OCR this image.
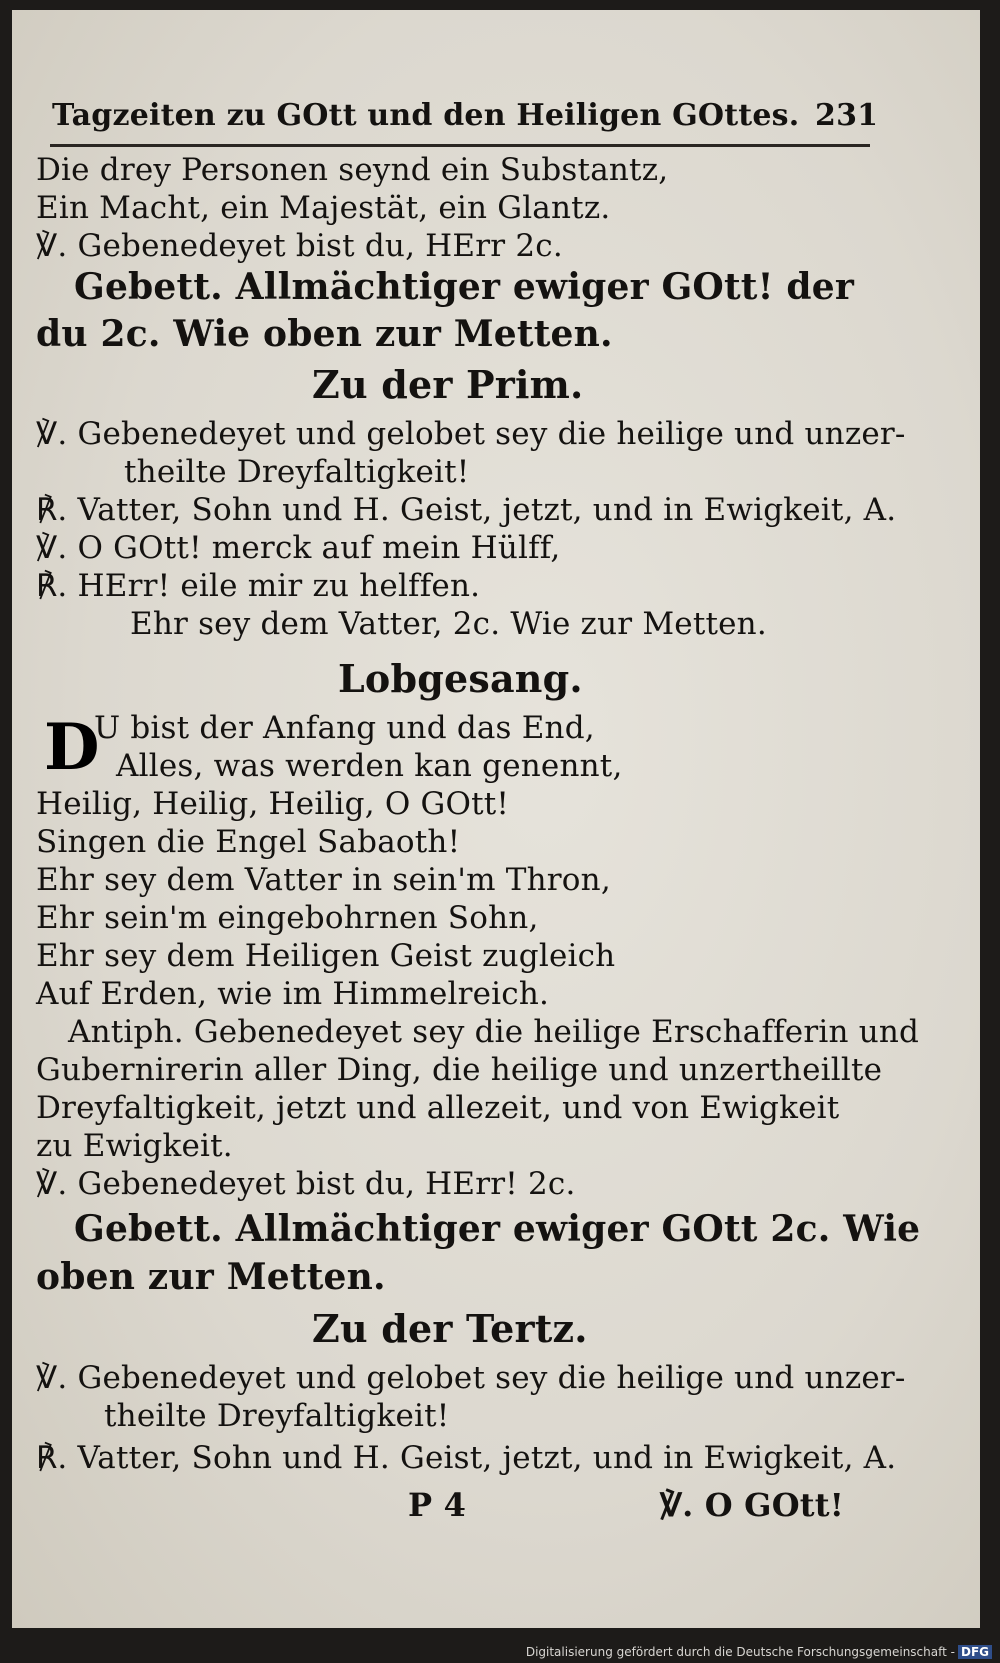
Tagzeiten zu GOtt und den Heiligen GOttes. 231
Die drey Personen seynd ein Substantz,
Ein Macht, ein Majestät, ein Glantz.
℣. Gebenedeyet bist du, HErr 2c.
Gebett. Allmächtiger ewiger GOtt! der
du 2c. Wie oben zur Metten.
Zu der Prim.
℣. Gebenedeyet und gelobet sey die heilige und unzer-
theilte Dreyfaltigkeit!
℟. Vatter, Sohn und H. Geist, jetzt, und in Ewigkeit, A.
℣. O GOtt! merck auf mein Hülff,
℟. HErr! eile mir zu helffen.
Ehr sey dem Vatter, 2c. Wie zur Metten.
Lobgesang.
D
U bist der Anfang und das End,
Alles, was werden kan genennt,
Heilig, Heilig, Heilig, O GOtt!
Singen die Engel Sabaoth!
Ehr sey dem Vatter in sein'm Thron,
Ehr sein'm eingebohrnen Sohn,
Ehr sey dem Heiligen Geist zugleich
Auf Erden, wie im Himmelreich.
Antiph. Gebenedeyet sey die heilige Erschafferin und
Gubernirerin aller Ding, die heilige und unzertheillte
Dreyfaltigkeit, jetzt und allezeit, und von Ewigkeit
zu Ewigkeit.
℣. Gebenedeyet bist du, HErr! 2c.
Gebett. Allmächtiger ewiger GOtt 2c. Wie
oben zur Metten.
Zu der Tertz.
℣. Gebenedeyet und gelobet sey die heilige und unzer-
theilte Dreyfaltigkeit!
℟. Vatter, Sohn und H. Geist, jetzt, und in Ewigkeit, A.
P 4	℣. O GOtt!
Digitalisierung gefördert durch die Deutsche Forschungsgemeinschaft - DFG
